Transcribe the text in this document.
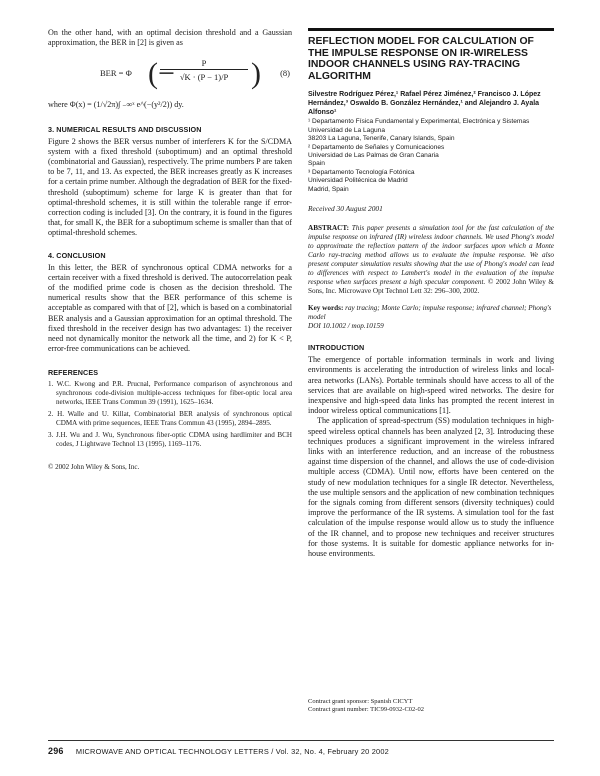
On the other hand, with an optimal decision threshold and a Gaussian approximation, the BER in [2] is given as

BER = Φ (−
$\frac{P}{√K \cdot (P - 1)/P}$ ) (8)

where Φ(x) = (1/√2π)∫ ₋∞ˣ e^(−(y²/2)) dy.

3. NUMERICAL RESULTS AND DISCUSSION

Figure 2 shows the BER versus number of interferers K for the S/CDMA system with a fixed threshold (suboptimum) and an optimal threshold (combinatorial and Gaussian), respectively. The prime numbers P are taken to be 7, 11, and 13. As expected, the BER increases greatly as K increases for a certain prime number. Although the degradation of BER for the fixed-threshold (suboptimum) scheme for large K is greater than that for optimal-threshold schemes, it is still within the tolerable range if error-correction coding is included [3]. On the contrary, it is found in the figures that, for small K, the BER for a suboptimum scheme is smaller than that of optimal-threshold schemes.

4. CONCLUSION

In this letter, the BER of synchronous optical CDMA networks for a certain receiver with a fixed threshold is derived. The autocorrelation peak of the modified prime code is chosen as the decision threshold. The numerical results show that the BER performance of this scheme is acceptable as compared with that of [2], which is based on a combinatorial BER analysis and a Gaussian approximation for an optimal threshold. The fixed threshold in the receiver design has two advantages: 1) the receiver need not dynamically monitor the network all the time, and 2) for K < P, error-free communications can be achieved.

REFERENCES

1. W.C. Kwong and P.R. Prucnal, Performance comparison of asynchronous and synchronous code-division multiple-access techniques for fiber-optic local area networks, IEEE Trans Commun 39 (1991), 1625–1634.

2. H. Walle and U. Killat, Combinatorial BER analysis of synchronous optical CDMA with prime sequences, IEEE Trans Commun 43 (1995), 2894–2895.

3. J.H. Wu and J. Wu, Synchronous fiber-optic CDMA using hardlimiter and BCH codes, J Lightwave Technol 13 (1995), 1169–1176.

© 2002 John Wiley & Sons, Inc.

REFLECTION MODEL FOR CALCULATION OF THE IMPULSE RESPONSE ON IR-WIRELESS INDOOR CHANNELS USING RAY-TRACING ALGORITHM

Silvestre Rodríguez Pérez,¹ Rafael Pérez Jiménez,² Francisco J. López Hernández,³ Oswaldo B. González Hernández,¹ and Alejandro J. Ayala Alfonso¹

¹ Departamento Física Fundamental y Experimental, Electrónica y Sistemas

Universidad de La Laguna

38203 La Laguna, Tenerife, Canary Islands, Spain

² Departamento de Señales y Comunicaciones

Universidad de Las Palmas de Gran Canaria

Spain

³ Departamento Tecnología Fotónica

Universidad Politécnica de Madrid

Madrid, Spain

Received 30 August 2001

ABSTRACT: This paper presents a simulation tool for the fast calculation of the impulse response on infrared (IR) wireless indoor channels. We used Phong's model to approximate the reflection pattern of the indoor surfaces upon which a Monte Carlo ray-tracing method allows us to evaluate the impulse response. We also present computer simulation results showing that the use of Phong's model can lead to differences with respect to Lambert's model in the evaluation of the impulse response when surfaces present a high specular component. © 2002 John Wiley & Sons, Inc. Microwave Opt Technol Lett 32: 296–300, 2002.

Key words: ray tracing; Monte Carlo; impulse response; infrared channel; Phong's model

DOI 10.1002 / mop.10159

INTRODUCTION

The emergence of portable information terminals in work and living environments is accelerating the introduction of wireless links and local-area networks (LANs). Portable terminals should have access to all of the services that are available on high-speed wired networks. The desire for inexpensive and high-speed data links has prompted the recent interest in indoor wireless optical communications [1].

The application of spread-spectrum (SS) modulation techniques in high-speed wireless optical channels has been analyzed [2, 3]. Introducing these techniques produces a significant improvement in the wireless infrared links with an interference reduction, and an increase of the robustness against time dispersion of the channel, and allows the use of code-division multiple access (CDMA). Until now, efforts have been centered on the study of new modulation techniques for a single IR detector. Nevertheless, the use multiple sensors and the application of new combination techniques for the signals coming from different sensors (diversity techniques) could improve the performance of the IR systems. A simulation tool for the fast calculation of the impulse response would allow us to study the influence of the IR channel, and to propose new techniques and receiver structures for those systems. It is suitable for domestic appliance networks for in-house environments.

Contract grant sponsor: Spanish CICYT

Contract grant number: TIC99-0932-C02-02

296 MICROWAVE AND OPTICAL TECHNOLOGY LETTERS / Vol. 32, No. 4, February 20 2002
